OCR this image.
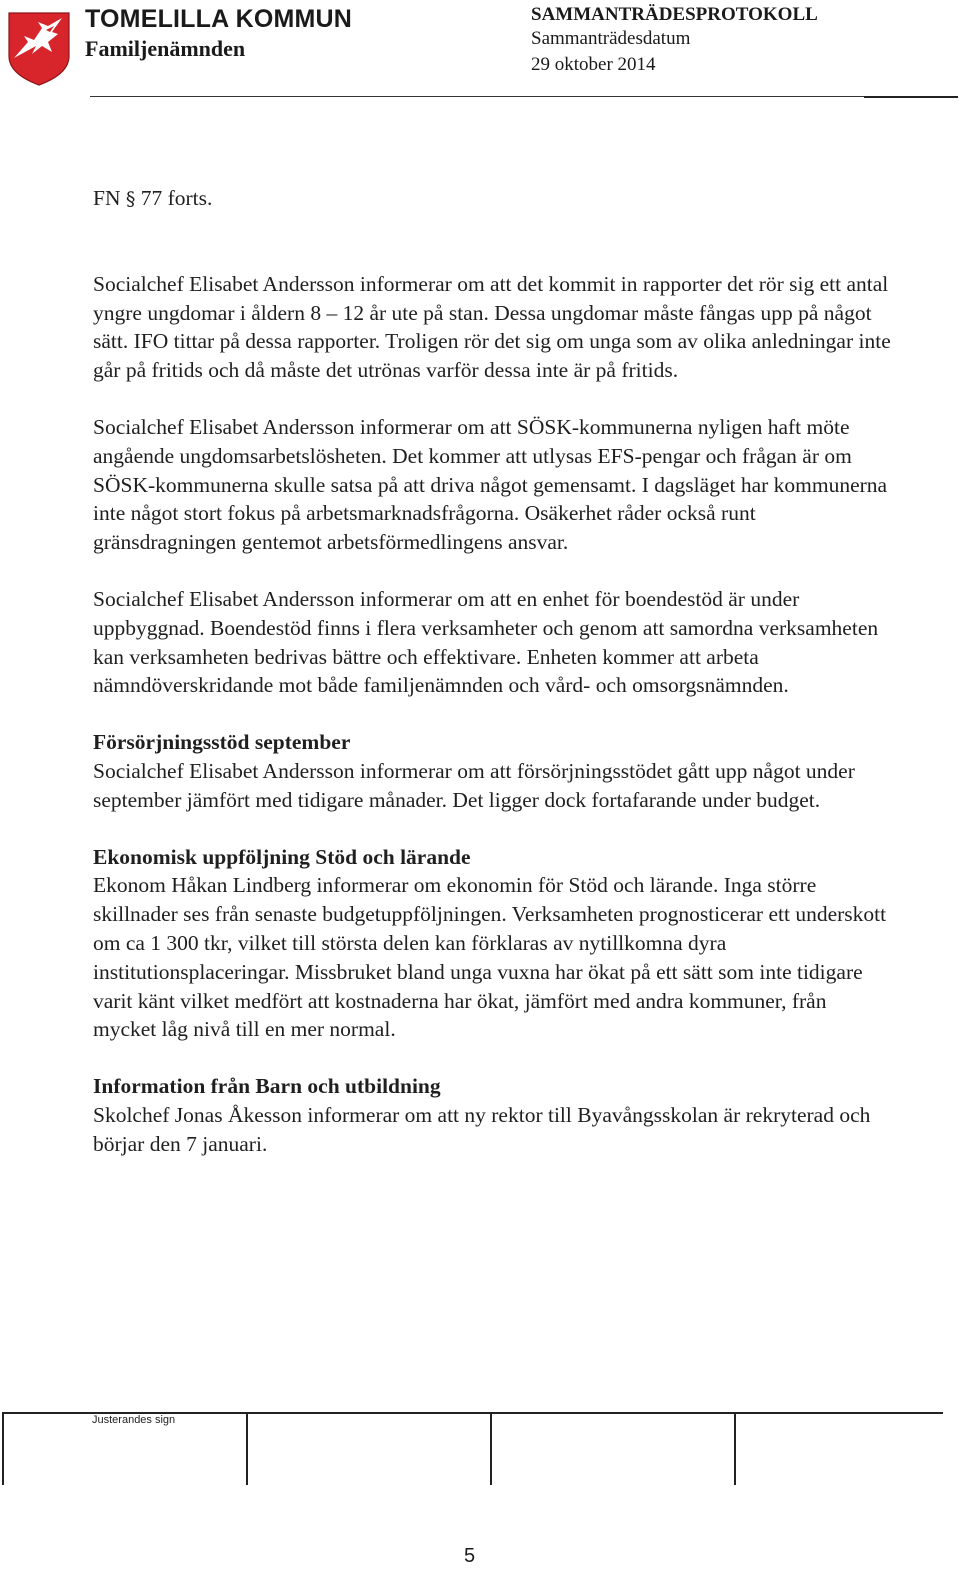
TOMELILLA KOMMUN
Familjenämnden
SAMMANTRÄDESPROTOKOLL
Sammanträdesdatum
29 oktober 2014

FN § 77 forts.

Socialchef Elisabet Andersson informerar om att det kommit in rapporter det rör sig ett antal yngre ungdomar i åldern 8 – 12 år ute på stan. Dessa ungdomar måste fångas upp på något sätt. IFO tittar på dessa rapporter. Troligen rör det sig om unga som av olika anledningar inte går på fritids och då måste det utrönas varför dessa inte är på fritids.

Socialchef Elisabet Andersson informerar om att SÖSK-kommunerna nyligen haft möte angående ungdomsarbetslösheten. Det kommer att utlysas EFS-pengar och frågan är om SÖSK-kommunerna skulle satsa på att driva något gemensamt. I dagsläget har kommunerna inte något stort fokus på arbetsmarknadsfrågorna. Osäkerhet råder också runt gränsdragningen gentemot arbetsförmedlingens ansvar.

Socialchef Elisabet Andersson informerar om att en enhet för boendestöd är under uppbyggnad. Boendestöd finns i flera verksamheter och genom att samordna verksamheten kan verksamheten bedrivas bättre och effektivare. Enheten kommer att arbeta nämndöverskridande mot både familjenämnden och vård- och omsorgsnämnden.

Försörjningsstöd september

Socialchef Elisabet Andersson informerar om att försörjningsstödet gått upp något under september jämfört med tidigare månader. Det ligger dock fortafarande under budget.

Ekonomisk uppföljning Stöd och lärande

Ekonom Håkan Lindberg informerar om ekonomin för Stöd och lärande. Inga större skillnader ses från senaste budgetuppföljningen. Verksamheten prognosticerar ett underskott om ca 1 300 tkr, vilket till största delen kan förklaras av nytillkomna dyra institutionsplaceringar. Missbruket bland unga vuxna har ökat på ett sätt som inte tidigare varit känt vilket medfört att kostnaderna har ökat, jämfört med andra kommuner, från mycket låg nivå till en mer normal.

Information från Barn och utbildning

Skolchef Jonas Åkesson informerar om att ny rektor till Byavångsskolan är rekryterad och börjar den 7 januari.

Justerandes sign
5
